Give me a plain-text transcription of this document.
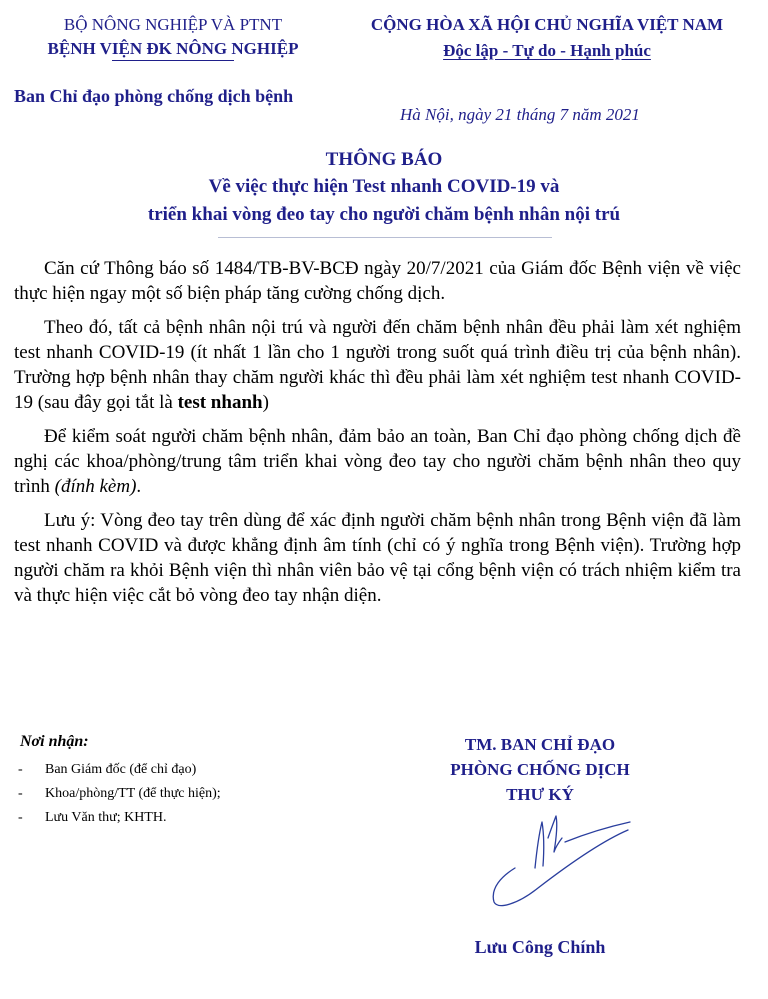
BỘ NÔNG NGHIỆP VÀ PTNT
BỆNH VIỆN ĐK NÔNG NGHIỆP
CỘNG HÒA XÃ HỘI CHỦ NGHĨA VIỆT NAM
Độc lập - Tự do - Hạnh phúc
Ban Chỉ đạo phòng chống dịch bệnh
Hà Nội, ngày 21 tháng 7 năm 2021
THÔNG BÁO
Về việc thực hiện Test nhanh COVID-19 và
triển khai vòng đeo tay cho người chăm bệnh nhân nội trú

Căn cứ Thông báo số 1484/TB-BV-BCĐ ngày 20/7/2021 của Giám đốc Bệnh viện về việc thực hiện ngay một số biện pháp tăng cường chống dịch.

Theo đó, tất cả bệnh nhân nội trú và người đến chăm bệnh nhân đều phải làm xét nghiệm test nhanh COVID-19 (ít nhất 1 lần cho 1 người trong suốt quá trình điều trị của bệnh nhân). Trường hợp bệnh nhân thay chăm người khác thì đều phải làm xét nghiệm test nhanh COVID-19 (sau đây gọi tắt là test nhanh)

Để kiểm soát người chăm bệnh nhân, đảm bảo an toàn, Ban Chỉ đạo phòng chống dịch đề nghị các khoa/phòng/trung tâm triển khai vòng đeo tay cho người chăm bệnh nhân theo quy trình (đính kèm).

Lưu ý: Vòng đeo tay trên dùng để xác định người chăm bệnh nhân trong Bệnh viện đã làm test nhanh COVID và được khẳng định âm tính (chỉ có ý nghĩa trong Bệnh viện). Trường hợp người chăm ra khỏi Bệnh viện thì nhân viên bảo vệ tại cổng bệnh viện có trách nhiệm kiểm tra và thực hiện việc cắt bỏ vòng đeo tay nhận diện.

Nơi nhận:
- Ban Giám đốc (để chỉ đạo)
- Khoa/phòng/TT (để thực hiện);
- Lưu Văn thư; KHTH.
TM. BAN CHỈ ĐẠO
PHÒNG CHỐNG DỊCH
THƯ KÝ
Lưu Công Chính
